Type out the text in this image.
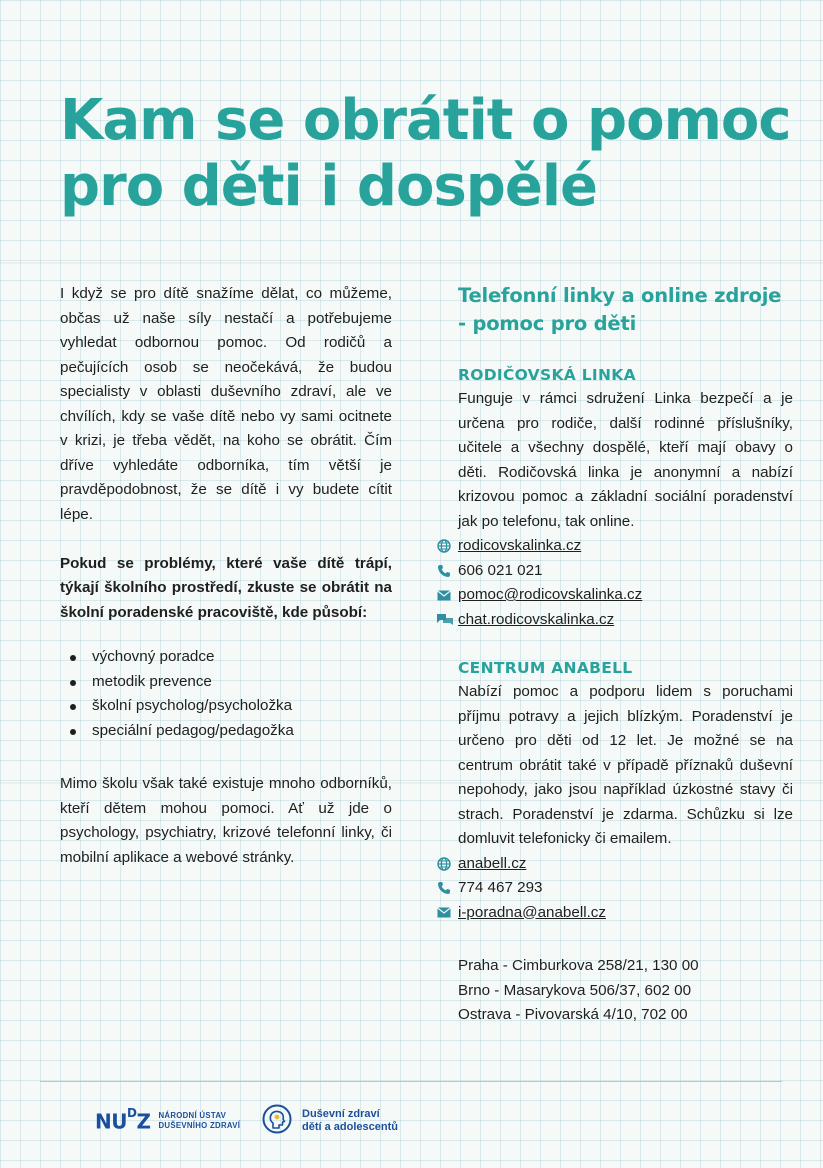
Kam se obrátit o pomoc
pro děti i dospělé

I když se pro dítě snažíme dělat, co můžeme, občas už naše síly nestačí a potřebujeme vyhledat odbornou pomoc. Od rodičů a pečujících osob se neočekává, že budou specialisty v oblasti duševního zdraví, ale ve chvílích, kdy se vaše dítě nebo vy sami ocitnete v krizi, je třeba vědět, na koho se obrátit. Čím dříve vyhledáte odborníka, tím větší je pravděpodobnost, že se dítě i vy budete cítit lépe.

Pokud se problémy, které vaše dítě trápí, týkají školního prostředí, zkuste se obrátit na školní poradenské pracoviště, kde působí:

výchovný poradce
metodik prevence
školní psycholog/psycholožka
speciální pedagog/pedagožka

Mimo školu však také existuje mnoho odborníků, kteří dětem mohou pomoci. Ať už jde o psychology, psychiatry, krizové telefonní linky, či mobilní aplikace a webové stránky.

Telefonní linky a online zdroje - pomoc pro děti
RODIČOVSKÁ LINKA

Funguje v rámci sdružení Linka bezpečí a je určena pro rodiče, další rodinné příslušníky, učitele a všechny dospělé, kteří mají obavy o děti. Rodičovská linka je anonymní a nabízí krizovou pomoc a základní sociální poradenství jak po telefonu, tak online.

rodicovskalinka.cz
606 021 021
pomoc@rodicovskalinka.cz
chat.rodicovskalinka.cz
CENTRUM ANABELL

Nabízí pomoc a podporu lidem s poruchami příjmu potravy a jejich blízkým. Poradenství je určeno pro děti od 12 let. Je možné se na centrum obrátit také v případě příznaků duševní nepohody, jako jsou například úzkostné stavy či strach. Poradenství je zdarma. Schůzku si lze domluvit telefonicky či emailem.

anabell.cz
774 467 293
i-poradna@anabell.cz

Praha - Cimburkova 258/21, 130 00

Brno - Masarykova 506/37, 602 00

Ostrava - Pivovarská 4/10, 702 00

$NU^DZ$ NÁRODNÍ ÚSTAV
DUŠEVNÍHO ZDRAVÍ
Duševní zdraví
dětí a adolescentů
